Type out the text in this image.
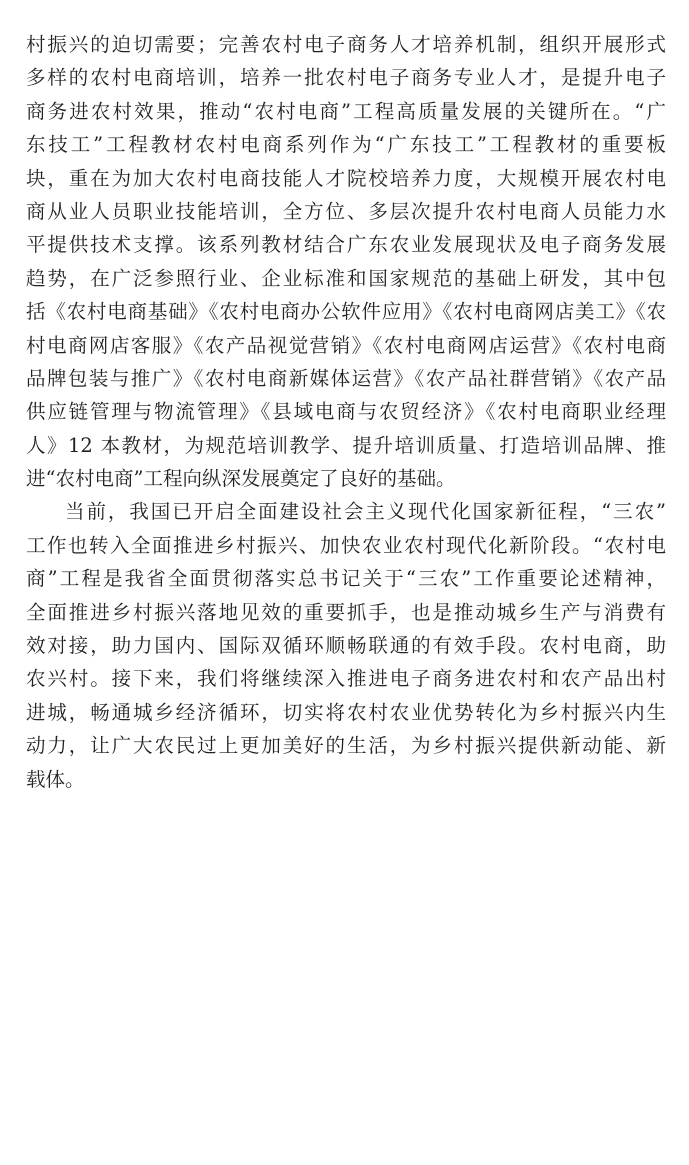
村振兴的迫切需要；完善农村电子商务人才培养机制，组织开展形式
多样的农村电商培训，培养一批农村电子商务专业人才，是提升电子
商务进农村效果，推动“农村电商”工程高质量发展的关键所在。“广
东技工”工程教材农村电商系列作为“广东技工”工程教材的重要板
块，重在为加大农村电商技能人才院校培养力度，大规模开展农村电
商从业人员职业技能培训，全方位、多层次提升农村电商人员能力水
平提供技术支撑。该系列教材结合广东农业发展现状及电子商务发展
趋势，在广泛参照行业、企业标准和国家规范的基础上研发，其中包
括《农村电商基础》《农村电商办公软件应用》《农村电商网店美工》《农
村电商网店客服》《农产品视觉营销》《农村电商网店运营》《农村电商
品牌包装与推广》《农村电商新媒体运营》《农产品社群营销》《农产品
供应链管理与物流管理》《县域电商与农贸经济》《农村电商职业经理
人》12 本教材，为规范培训教学、提升培训质量、打造培训品牌、推
进“农村电商”工程向纵深发展奠定了良好的基础。
当前，我国已开启全面建设社会主义现代化国家新征程，“三农”
工作也转入全面推进乡村振兴、加快农业农村现代化新阶段。“农村电
商”工程是我省全面贯彻落实总书记关于“三农”工作重要论述精神，
全面推进乡村振兴落地见效的重要抓手，也是推动城乡生产与消费有
效对接，助力国内、国际双循环顺畅联通的有效手段。农村电商，助
农兴村。接下来，我们将继续深入推进电子商务进农村和农产品出村
进城，畅通城乡经济循环，切实将农村农业优势转化为乡村振兴内生
动力，让广大农民过上更加美好的生活，为乡村振兴提供新动能、新
载体。
